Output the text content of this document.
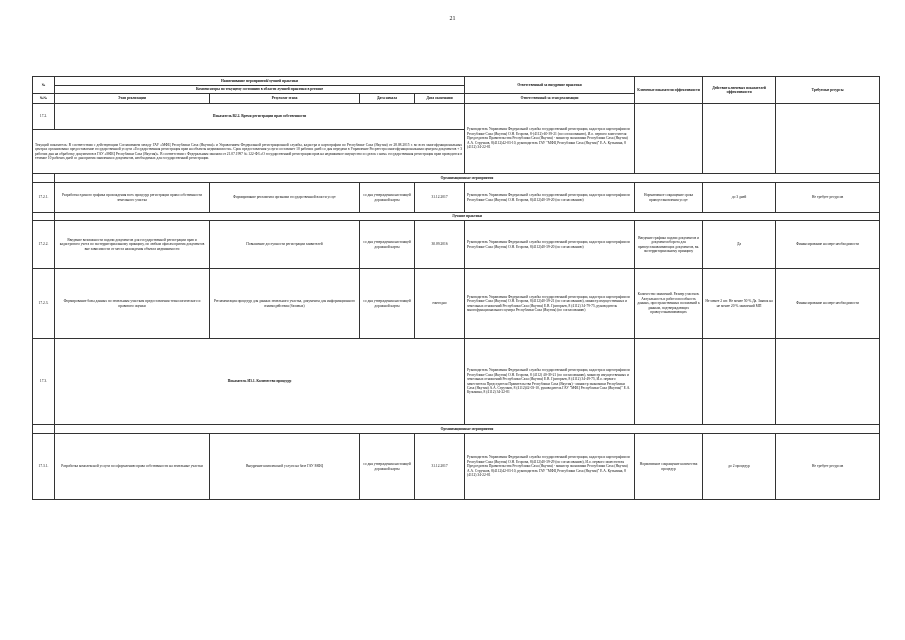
21
№	Наименование мероприятий/лучшей практики				Ответственный за внедрение практики	Ключевые показатели эффективности	Действие ключевых показателей эффективности	Требуемые ресурсы
	Компенсаторы по текущему состоянию в области лучшей практики в регионе							
№№	Этап реализации	Результат этапа	Дата начала	Дата окончания	Ответственный за этап реализации			
17.2.	Показатель В2.2. Время регистрации прав собственности				Руководитель Управления Федеральной службы государственной регистрации, кадастра и картографии по Республике Саха (Якутия) О.Н. Егорова, 8-(4112)-40-39-21 (по согласованию), И.о. первого заместителя Председателя Правительства Республики Саха (Якутия) - министр экономики Республики Саха (Якутия) А.А. Стручков, 8(4112)42-03-10, руководитель ГАУ "МФЦ Республики Саха (Якутия)" Е.А. Кузьмина, 8 (4112) 34-22-81			
Текущий показатель: В соответствии с действующим Соглашением между ГАУ «МФЦ Республики Саха (Якутия)» и Управлением Федеральной регистрационной службы, кадастра и картографии по Республике Саха (Якутия) от 28.08.2015 г. во всех многофункциональных центрах организовано предоставление государственной услуги «Государственная регистрация прав на объекты недвижимости». Срок предоставления услуги составляет 10 рабочих дней со дня передачи в Управление Росреестра многофункциональным центром документов + 3 рабочих дня на обработку документов в ГАУ «МФЦ Республики Саха (Якутия)». В соответствии с Федеральным законом от 21.07.1997 № 122-ФЗ «О государственной регистрации прав на недвижимое имущество и сделок с ним» государственная регистрация прав проводится в течение 10 рабочих дней со дня приема заявления и документов, необходимых для государственной регистрации.								
	Организационные мероприятия							
17.2.1.	Разработка единого графика прохождения всех процедур регистрации права собственности земельного участка	Формирование регламента органами государственной власти услуг	со дня утверждения настоящей дорожной карты	31.12.2017	Руководитель Управления Федеральной службы государственной регистрации, кадастра и картографии по Республике Саха (Якутия) О.Н. Егорова, 8(4112)40-39-20 (по согласованию)	Нормативное сокращение срока правоустановления услуг	до 3 дней	Не требует ресурсов
	Лучшие практики							
17.2.2.	Введение возможности подачи документов для государственной регистрации прав и кадастрового учета по экстерриториальному принципу, по любым офисам приема документов вне зависимости от места нахождения объекта недвижимости	Повышение доступности регистрации заявителей	со дня утверждения настоящей дорожной карты	30.09.2016	Руководитель Управления Федеральной службы государственной регистрации, кадастра и картографии по Республике Саха (Якутия) О.Н. Егорова, 8(4112)40-39-20 (по согласованию)	Введение графика подачи документов и документооборота для правоустанавливающих документов, вк. экстерриториальному принципу	Да	Финансирование на мере необходимости
17.2.3.	Формирование базы данных по земельным участкам предоставления технологического и правового оценки	Регламентация процедур для данных земельного участка, документы для информационного взаимодействия (базовых)	со дня утверждения настоящей дорожной карты	ежегодно	Руководитель Управления Федеральной службы государственной регистрации, кадастра и картографии по Республике Саха (Якутия) О.Н. Егорова, 8(4112)40-39-21 (по согласованию), министр имущественных и земельных отношений Республики Саха (Якутия) Е.В. Григорьев, 8 (4112) 34-79-75, руководитель многофункционального центра Республики Саха (Якутия) (по согласованию)	Количество заявлений. Размер участков. Актуальность и работоспособность данных, пространственных положений к данным, подтверждающих правоустанавливающих	Не менее 2 шт. Не менее 50 % Да. Заявок на не менее 20 % заявлений МП	Финансирование на мере необходимости
17.3.	Показатель И3.1. Количество процедур				Руководитель Управления Федеральной службы государственной регистрации, кадастра и картографии по Республике Саха (Якутия) О.Н. Егорова, 8 (4112) 40-39-21 (по согласованию), министр имущественных и земельных отношений Республики Саха (Якутия) Е.В. Григорьев, 8 (4112) 34-49-75, И.о. первого заместителя Председателя Правительства Республики Саха (Якутия) - министр экономики Республики Саха (Якутия) А.А. Стручков, 8 (4112)42-03-10, руководитель ГАУ "МФЦ Республики Саха (Якутия)" Е.А. Кузьмина, 8 (4112) 34-22-81			
	Организационные мероприятия							
17.3.1.	Разработка комплексной услуги по оформлению права собственности на земельные участки	Внедрение комплексной услуги на базе ГАУ МФЦ	со дня утверждения настоящей дорожной карты	31.12.2017	Руководитель Управления Федеральной службы государственной регистрации, кадастра и картографии по Республике Саха (Якутия) О.Н. Егорова, 8(4112)40-39-29 (по согласованию), И.о. первого заместителя Председателя Правительства Республики Саха (Якутия) - министр экономики Республики Саха (Якутия) А.А. Стручков, 8(4112)42-03-10, руководитель ГАУ "МФЦ Республики Саха (Якутия)" Е.А. Кузьмина, 8 (4112) 34-22-81	Нормативное сокращение количества процедур	до 2 процедур	Не требует ресурсов
